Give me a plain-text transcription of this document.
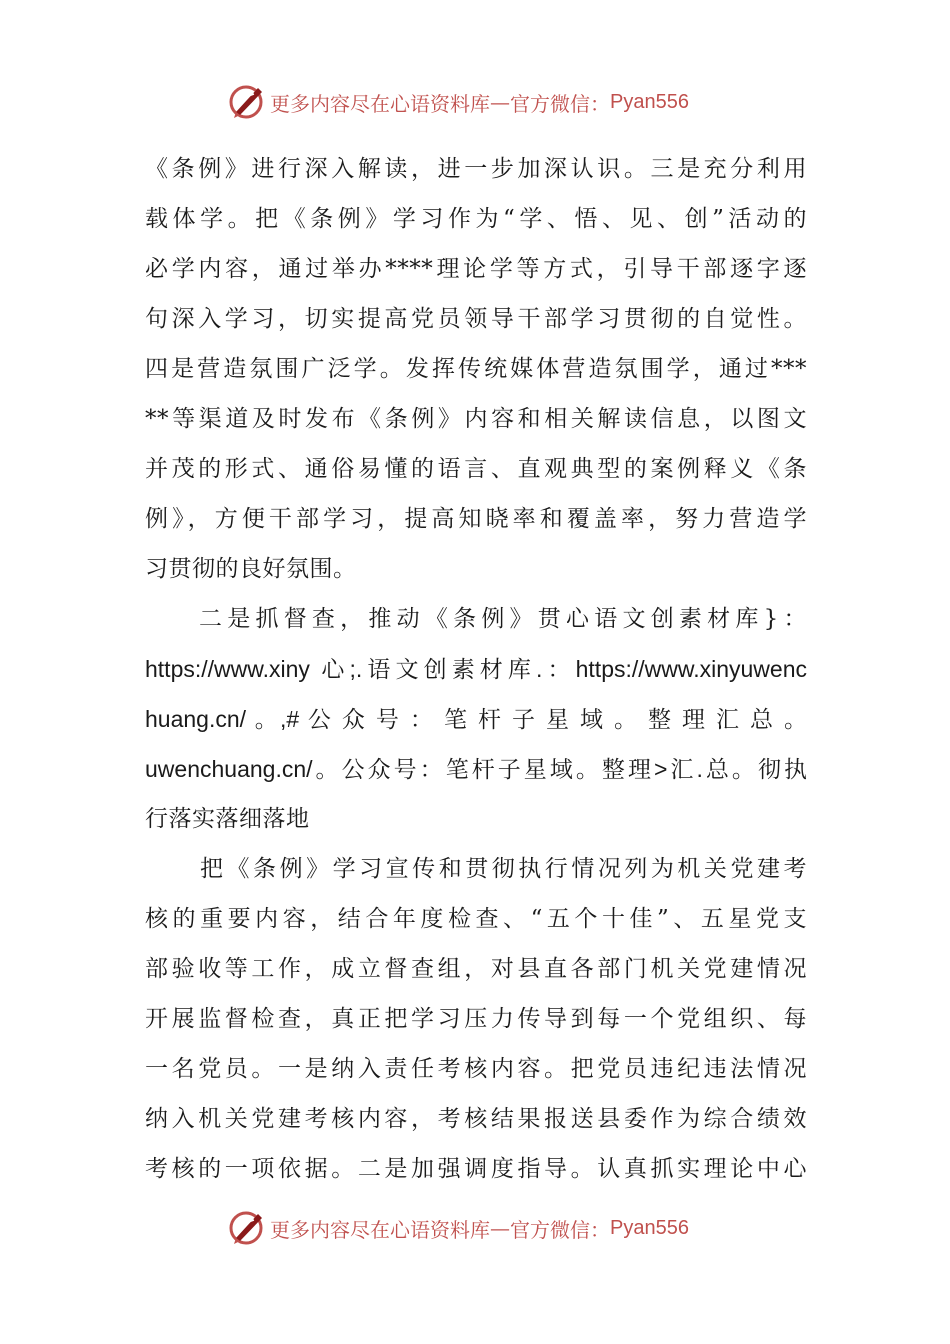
更多内容尽在心语资料库 — 官方微信： Pyan556
《条例》进行深入解读，进一步加深认识。三是充分利用
载体学。把《条例》学习作为“学、悟、见、创”活动的
必学内容，通过举办****理论学等方式，引导干部逐字逐
句深入学习，切实提高党员领导干部学习贯彻的自觉性。
四是营造氛围广泛学。发挥传统媒体营造氛围学，通过***
**等渠道及时发布《条例》内容和相关解读信息，以图文
并茂的形式、通俗易懂的语言、直观典型的案例释义《条
例》，方便干部学习，提高知晓率和覆盖率，努力营造学
习贯彻的良好氛围。
二是抓督查，推动《条例》贯心语文创素材库}：
https://www.xiny 心;.语文创素材库.：https://www.xinyuwenc
huang.cn/ 。,# 公 众 号 ： 笔 杆 子 星 域 。 整 理 汇 总 。
uwenchuang.cn/。公众号：笔杆子星域。整理>汇.总。彻执
行落实落细落地
把《条例》学习宣传和贯彻执行情况列为机关党建考
核的重要内容，结合年度检查、“五个十佳”、五星党支
部验收等工作，成立督查组，对县直各部门机关党建情况
开展监督检查，真正把学习压力传导到每一个党组织、每
一名党员。一是纳入责任考核内容。把党员违纪违法情况
纳入机关党建考核内容，考核结果报送县委作为综合绩效
考核的一项依据。二是加强调度指导。认真抓实理论中心
更多内容尽在心语资料库 — 官方微信： Pyan556
